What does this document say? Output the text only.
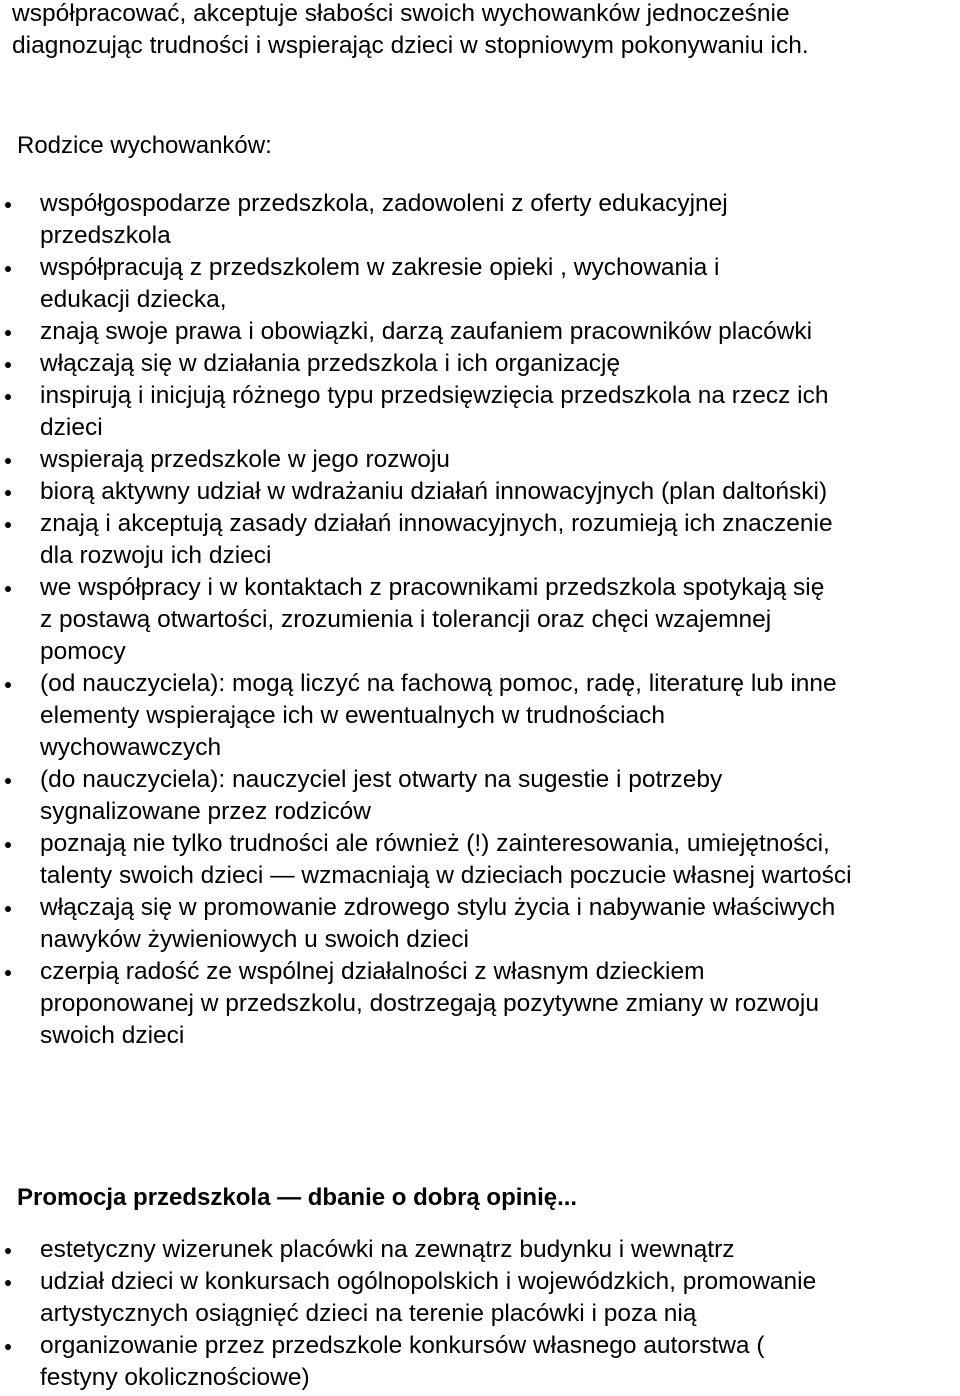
współpracować, akceptuje słabości swoich wychowanków jednocześnie
diagnozując trudności i wspierając dzieci w stopniowym pokonywaniu ich.
Rodzice wychowanków:
współgospodarze przedszkola, zadowoleni z oferty edukacyjnej
przedszkola
współpracują z przedszkolem w zakresie opieki , wychowania i
edukacji dziecka,
znają swoje prawa i obowiązki, darzą zaufaniem pracowników placówki
włączają się w działania przedszkola i ich organizację
inspirują i inicjują różnego typu przedsięwzięcia przedszkola na rzecz ich
dzieci
wspierają przedszkole w jego rozwoju
biorą aktywny udział w wdrażaniu działań innowacyjnych (plan daltoński)
znają i akceptują zasady działań innowacyjnych, rozumieją ich znaczenie
dla rozwoju ich dzieci
we współpracy i w kontaktach z pracownikami przedszkola spotykają się
z postawą otwartości, zrozumienia i tolerancji oraz chęci wzajemnej
pomocy
(od nauczyciela): mogą liczyć na fachową pomoc, radę, literaturę lub inne
elementy wspierające ich w ewentualnych w trudnościach
wychowawczych
(do nauczyciela): nauczyciel jest otwarty na sugestie i potrzeby
sygnalizowane przez rodziców
poznają nie tylko trudności ale również (!) zainteresowania, umiejętności,
talenty swoich dzieci — wzmacniają w dzieciach poczucie własnej wartości
włączają się w promowanie zdrowego stylu życia i nabywanie właściwych
nawyków żywieniowych u swoich dzieci
czerpią radość ze wspólnej działalności z własnym dzieckiem
proponowanej w przedszkolu, dostrzegają pozytywne zmiany w rozwoju
swoich dzieci
Promocja przedszkola — dbanie o dobrą opinię...
estetyczny wizerunek placówki na zewnątrz budynku i wewnątrz
udział dzieci w konkursach ogólnopolskich i wojewódzkich, promowanie
artystycznych osiągnięć dzieci na terenie placówki i poza nią
organizowanie przez przedszkole konkursów własnego autorstwa (
festyny okolicznościowe)
